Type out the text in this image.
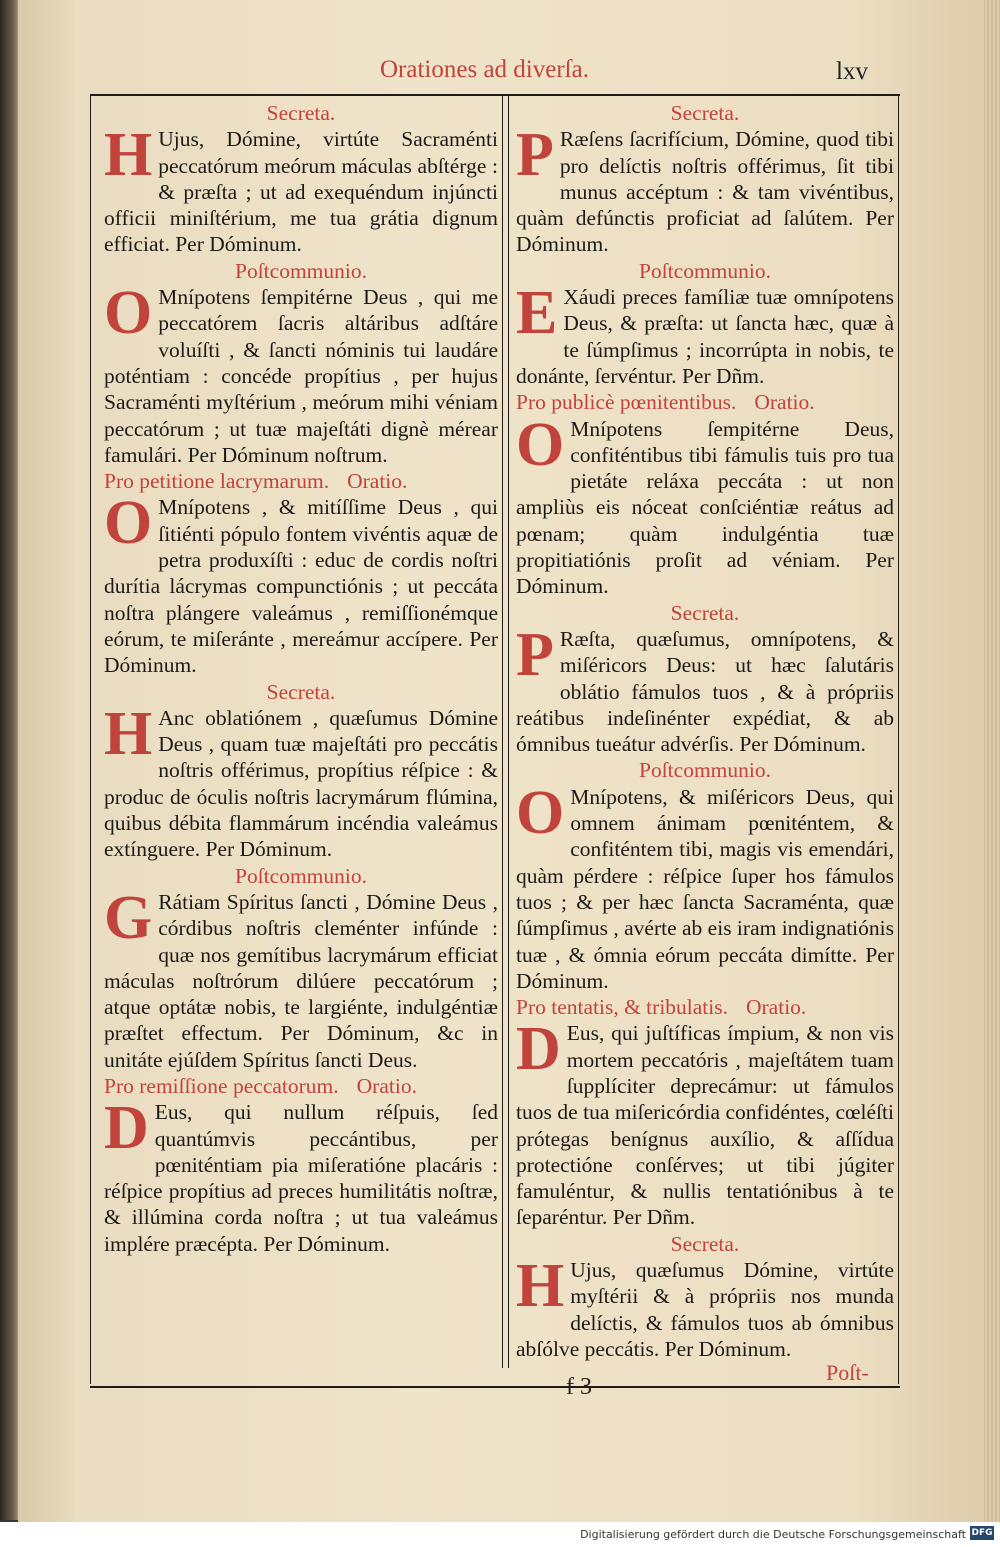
Orationes ad diverſa.	lxv
Secreta.
H Ujus, Dómine, virtúte Sacraménti peccatórum meórum máculas abſtérge : & præſta ; ut ad exequéndum injúncti officii miniſtérium, me tua grátia dignum efficiat. Per Dóminum.
Poſtcommunio.
O Mnípotens ſempitérne Deus , qui me peccatórem ſacris altáribus adſtáre voluíſti , & ſancti nóminis tui laudáre poténtiam : concéde propítius , per hujus Sacraménti myſtérium , meórum mihi véniam peccatórum ; ut tuæ majeſtáti dignè mérear famulári. Per Dóminum noſtrum.
Pro petitione lacrymarum. Oratio.
O Mnípotens , & mitíſſime Deus , qui ſitiénti pópulo fontem vivéntis aquæ de petra produxíſti : educ de cordis noſtri durítia lácrymas compunctiónis ; ut peccáta noſtra plángere valeámus , remiſſionémque eórum, te miſeránte , mereámur accípere. Per Dóminum.
Secreta.
H Anc oblatiónem , quæſumus Dómine Deus , quam tuæ majeſtáti pro peccátis noſtris offérimus, propítius réſpice : & produc de óculis noſtris lacrymárum flúmina, quibus débita flammárum incéndia valeámus extínguere. Per Dóminum.
Poſtcommunio.
G Rátiam Spíritus ſancti , Dómine Deus , córdibus noſtris cleménter infúnde : quæ nos gemítibus lacrymárum efficiat máculas noſtrórum dilúere peccatórum ; atque optátæ nobis, te largiénte, indulgéntiæ præſtet effectum. Per Dóminum, &c in unitáte ejúſdem Spíritus ſancti Deus.
Pro remiſſione peccatorum. Oratio.
D Eus, qui nullum réſpuis, ſed quantúmvis peccántibus, per pœniténtiam pia miſeratióne placáris : réſpice propítius ad preces humilitátis noſtræ, & illúmina corda noſtra ; ut tua valeámus implére præcépta. Per Dóminum.
Secreta.
P Ræſens ſacrifícium, Dómine, quod tibi pro delíctis noſtris offérimus, ſit tibi munus accéptum : & tam vivéntibus, quàm defúnctis proficiat ad ſalútem. Per Dóminum.
Poſtcommunio.
E Xáudi preces famíliæ tuæ omnípotens Deus, & præſta: ut ſancta hæc, quæ à te ſúmpſimus ; incorrúpta in nobis, te donánte, ſervéntur. Per Dñm.
Pro publicè pœnitentibus. Oratio.
O Mnípotens ſempitérne Deus, confiténtibus tibi fámulis tuis pro tua pietáte reláxa peccáta : ut non ampliùs eis nóceat conſciéntiæ reátus ad pœnam; quàm indulgéntia tuæ propitiatiónis proſit ad véniam. Per Dóminum.
Secreta.
P Ræſta, quæſumus, omnípotens, & miſéricors Deus: ut hæc ſalutáris oblátio fámulos tuos , & à própriis reátibus indeſinénter expédiat, & ab ómnibus tueátur advérſis. Per Dóminum.
Poſtcommunio.
O Mnípotens, & miſéricors Deus, qui omnem ánimam pœniténtem, & confiténtem tibi, magis vis emendári, quàm pérdere : réſpice ſuper hos fámulos tuos ; & per hæc ſancta Sacraménta, quæ ſúmpſimus , avérte ab eis iram indignatiónis tuæ , & ómnia eórum peccáta dimítte. Per Dóminum.
Pro tentatis, & tribulatis. Oratio.
D Eus, qui juſtíficas ímpium, & non vis mortem peccatóris , majeſtátem tuam ſupplíciter deprecámur: ut fámulos tuos de tua miſericórdia confidéntes, cœléſti prótegas benígnus auxílio, & aſſídua protectióne conſérves; ut tibi júgiter famuléntur, & nullis tentatiónibus à te ſeparéntur. Per Dñm.
Secreta.
H Ujus, quæſumus Dómine, virtúte myſtérii & à própriis nos munda delíctis, & fámulos tuos ab ómnibus abſólve peccátis. Per Dóminum.
f 3
Poſt-
Digitalisierung gefördert durch die Deutsche Forschungsgemeinschaft DFG
